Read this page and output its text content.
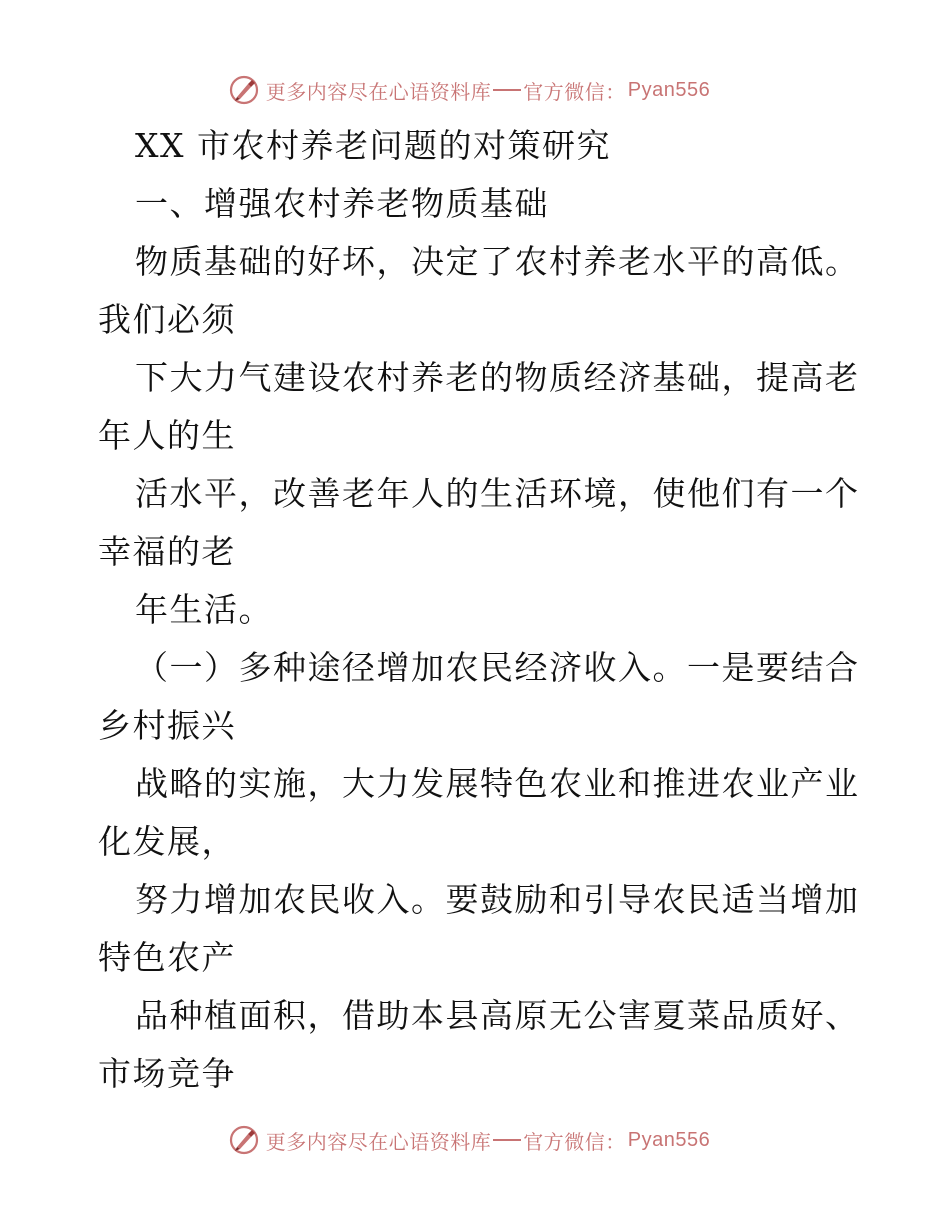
更多内容尽在心语资料库 官方微信： Pyan556
XX 市农村养老问题的对策研究
一、增强农村养老物质基础
物质基础的好坏，决定了农村养老水平的高低。
我们必须
下大力气建设农村养老的物质经济基础，提高老
年人的生
活水平，改善老年人的生活环境，使他们有一个
幸福的老
年生活。
（一）多种途径增加农民经济收入。一是要结合
乡村振兴
战略的实施，大力发展特色农业和推进农业产业
化发展，
努力增加农民收入。要鼓励和引导农民适当增加
特色农产
品种植面积，借助本县高原无公害夏菜品质好、
市场竞争
更多内容尽在心语资料库 官方微信： Pyan556
